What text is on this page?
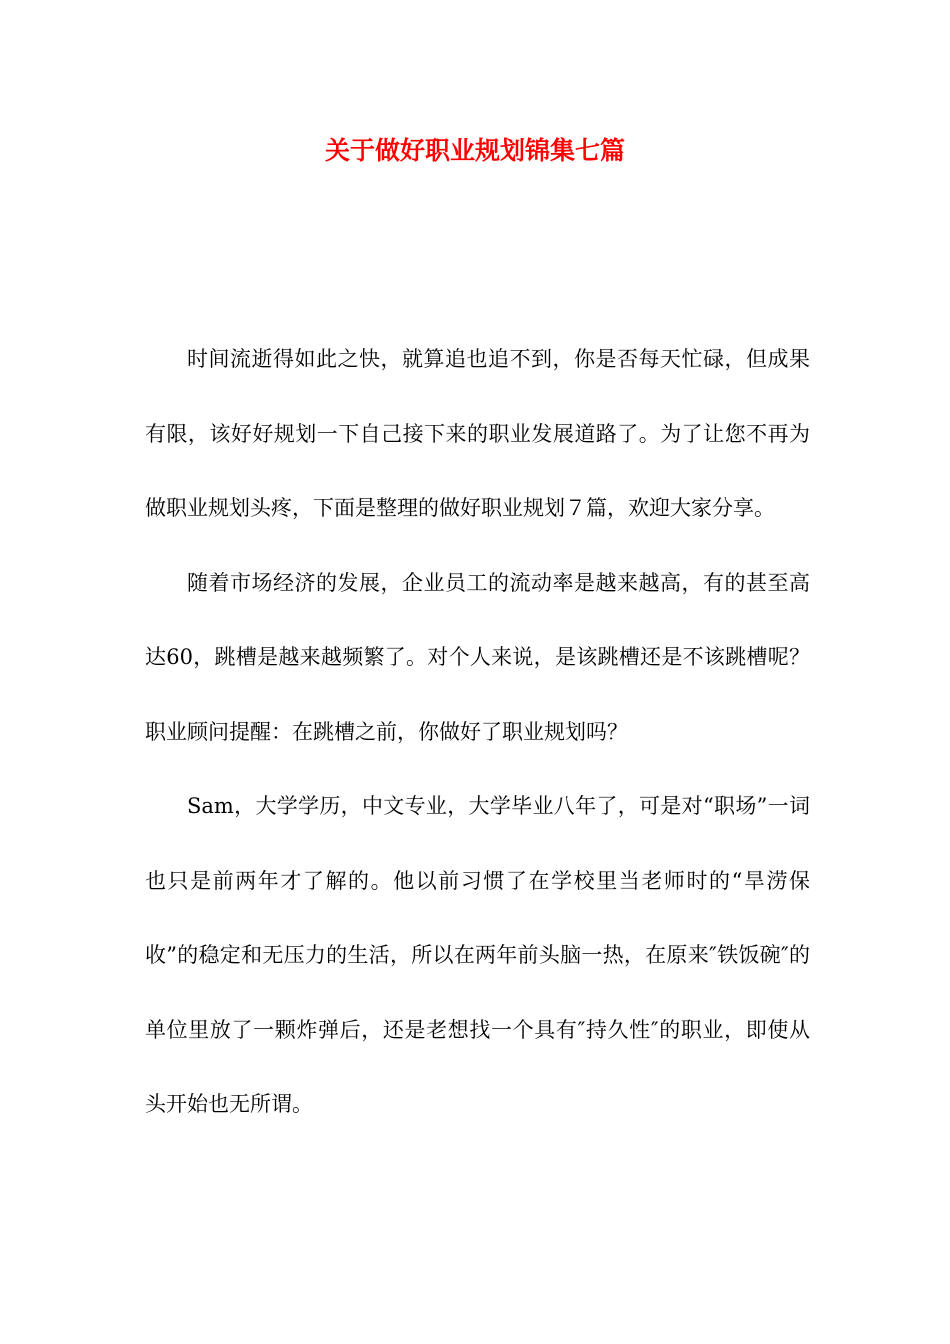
关于做好职业规划锦集七篇

时间流逝得如此之快，就算追也追不到，你是否每天忙碌，但成果有限，该好好规划一下自己接下来的职业发展道路了。为了让您不再为做职业规划头疼，下面是整理的做好职业规划７篇，欢迎大家分享。

随着市场经济的发展，企业员工的流动率是越来越高，有的甚至高达60，跳槽是越来越频繁了。对个人来说，是该跳槽还是不该跳槽呢？职业顾问提醒：在跳槽之前，你做好了职业规划吗？

Sam，大学学历，中文专业，大学毕业八年了，可是对“职场”一词也只是前两年才了解的。他以前习惯了在学校里当老师时的“旱涝保收”的稳定和无压力的生活，所以在两年前头脑一热，在原来″铁饭碗″的单位里放了一颗炸弹后，还是老想找一个具有″持久性″的职业，即使从头开始也无所谓。
